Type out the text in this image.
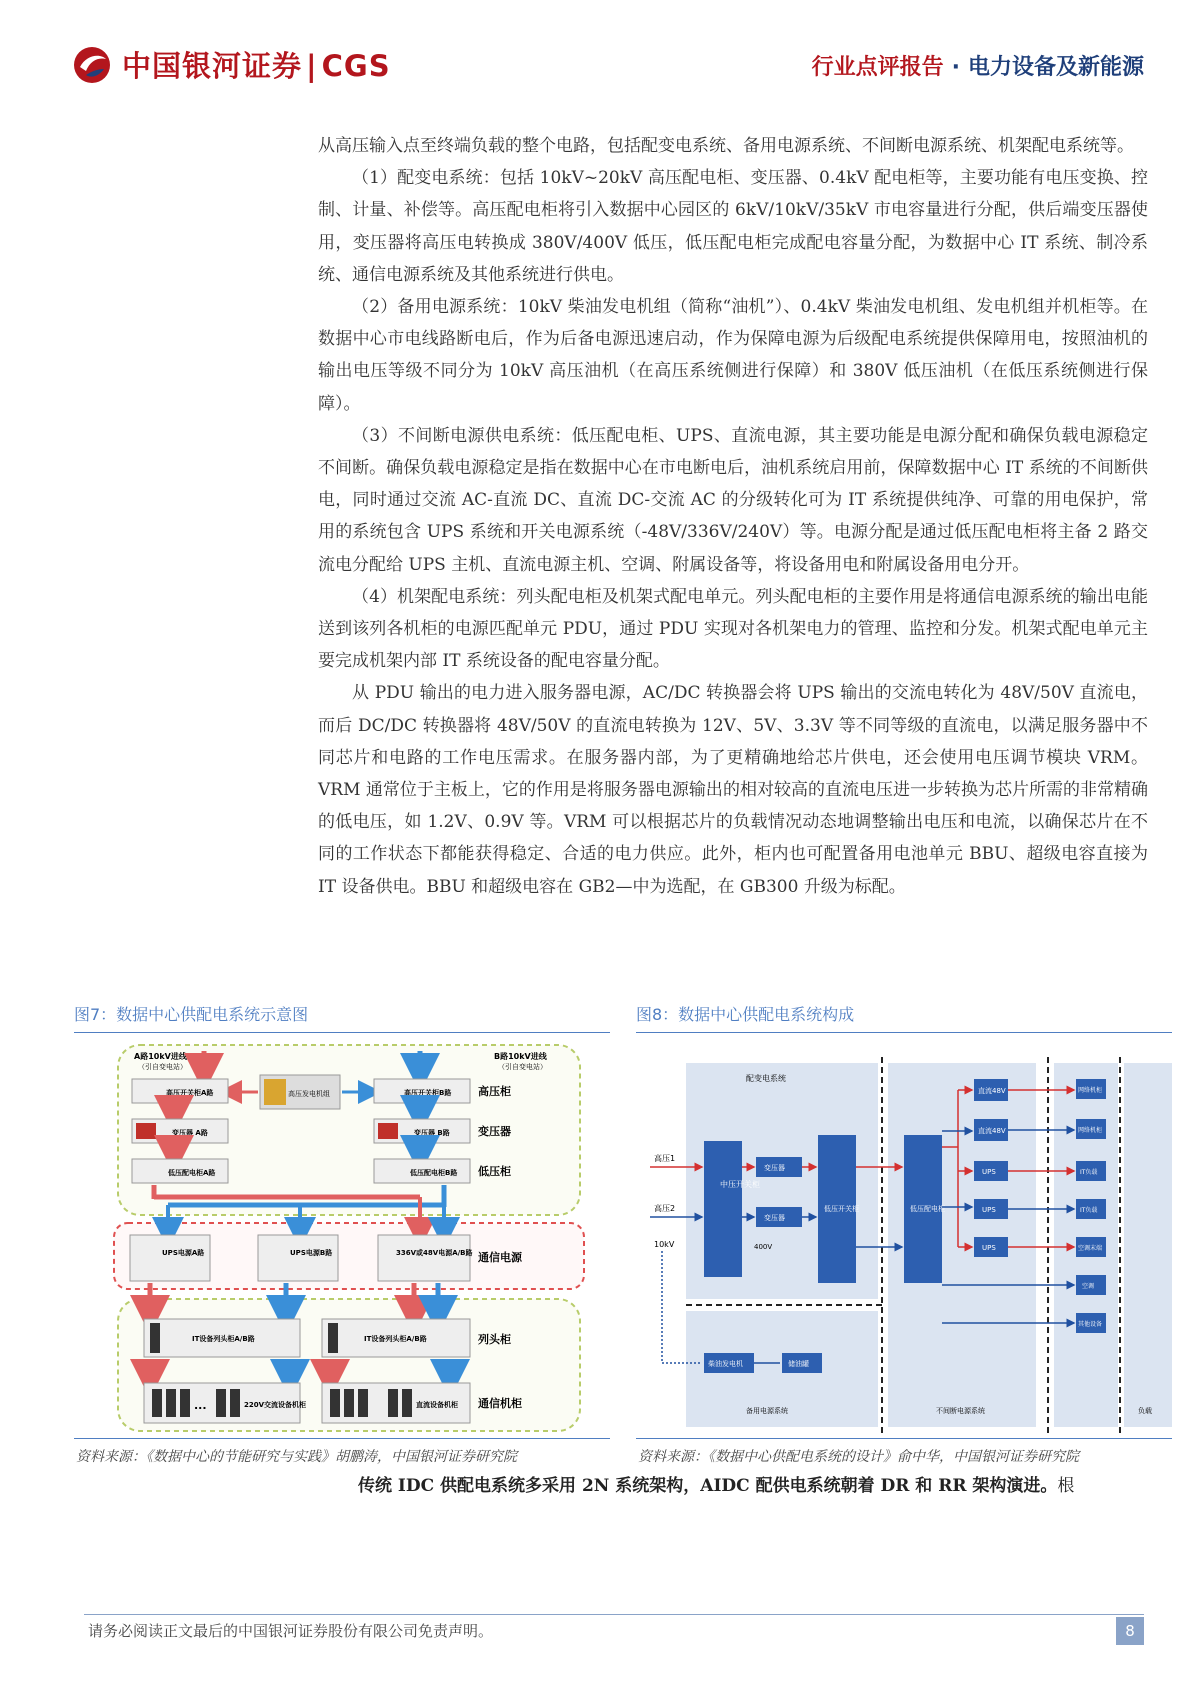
中国银河证券 | CGS	行业点评报告 · 电力设备及新能源

从高压输入点至终端负载的整个电路，包括配变电系统、备用电源系统、不间断电源系统、机架配电系统等。

（1）配变电系统：包括 10kV~20kV 高压配电柜、变压器、0.4kV 配电柜等，主要功能有电压变换、控制、计量、补偿等。高压配电柜将引入数据中心园区的 6kV/10kV/35kV 市电容量进行分配，供后端变压器使用，变压器将高压电转换成 380V/400V 低压，低压配电柜完成配电容量分配，为数据中心 IT 系统、制冷系统、通信电源系统及其他系统进行供电。

（2）备用电源系统：10kV 柴油发电机组（简称“油机”）、0.4kV 柴油发电机组、发电机组并机柜等。在数据中心市电线路断电后，作为后备电源迅速启动，作为保障电源为后级配电系统提供保障用电，按照油机的输出电压等级不同分为 10kV 高压油机（在高压系统侧进行保障）和 380V 低压油机（在低压系统侧进行保障）。

（3）不间断电源供电系统：低压配电柜、UPS、直流电源，其主要功能是电源分配和确保负载电源稳定不间断。确保负载电源稳定是指在数据中心在市电断电后，油机系统启用前，保障数据中心 IT 系统的不间断供电，同时通过交流 AC-直流 DC、直流 DC-交流 AC 的分级转化可为 IT 系统提供纯净、可靠的用电保护，常用的系统包含 UPS 系统和开关电源系统（-48V/336V/240V）等。电源分配是通过低压配电柜将主备 2 路交流电分配给 UPS 主机、直流电源主机、空调、附属设备等，将设备用电和附属设备用电分开。

（4）机架配电系统：列头配电柜及机架式配电单元。列头配电柜的主要作用是将通信电源系统的输出电能送到该列各机柜的电源匹配单元 PDU，通过 PDU 实现对各机架电力的管理、监控和分发。机架式配电单元主要完成机架内部 IT 系统设备的配电容量分配。

从 PDU 输出的电力进入服务器电源，AC/DC 转换器会将 UPS 输出的交流电转化为 48V/50V 直流电，而后 DC/DC 转换器将 48V/50V 的直流电转换为 12V、5V、3.3V 等不同等级的直流电，以满足服务器中不同芯片和电路的工作电压需求。在服务器内部，为了更精确地给芯片供电，还会使用电压调节模块 VRM。VRM 通常位于主板上，它的作用是将服务器电源输出的相对较高的直流电压进一步转换为芯片所需的非常精确的低电压，如 1.2V、0.9V 等。VRM 可以根据芯片的负载情况动态地调整输出电压和电流，以确保芯片在不同的工作状态下都能获得稳定、合适的电力供应。此外，柜内也可配置备用电池单元 BBU、超级电容直接为 IT 设备供电。BBU 和超级电容在 GB2—中为选配，在 GB300 升级为标配。

图7：数据中心供配电系统示意图
A路10kV进线
（引自变电站）
B路10kV进线
（引自变电站）
高压发电机组
高压开关柜A路	高压开关柜B路 高压柜
变压器 A路	变压器 B路	变压器
低压配电柜A路	低压配电柜B路 低压柜
UPS电源A路	UPS电源B路	336V或48V电源A/B路 通信电源
IT设备列头柜A/B路	IT设备列头柜A/B路	列头柜
...	220V交流设备机柜	直流设备机柜 通信机柜
资料来源：《数据中心的节能研究与实践》胡鹏涛，中国银河证券研究院
图8：数据中心供配电系统构成
配变电系统
高压1
高压2
10kV
中压开关柜
变压器
变压器
低压开关柜
400V
低压配电柜
直流48V
直流48V
UPS
UPS
UPS
网络机柜
网络机柜
IT负载
IT负载
空调末端
空调
其他设备
柴油发电机	储油罐
备用电源系统	不间断电源系统	负载
资料来源：《数据中心供配电系统的设计》俞中华，中国银河证券研究院
传统 IDC 供配电系统多采用 2N 系统架构，AIDC 配供电系统朝着 DR 和 RR 架构演进。根
请务必阅读正文最后的中国银河证券股份有限公司免责声明。	8
